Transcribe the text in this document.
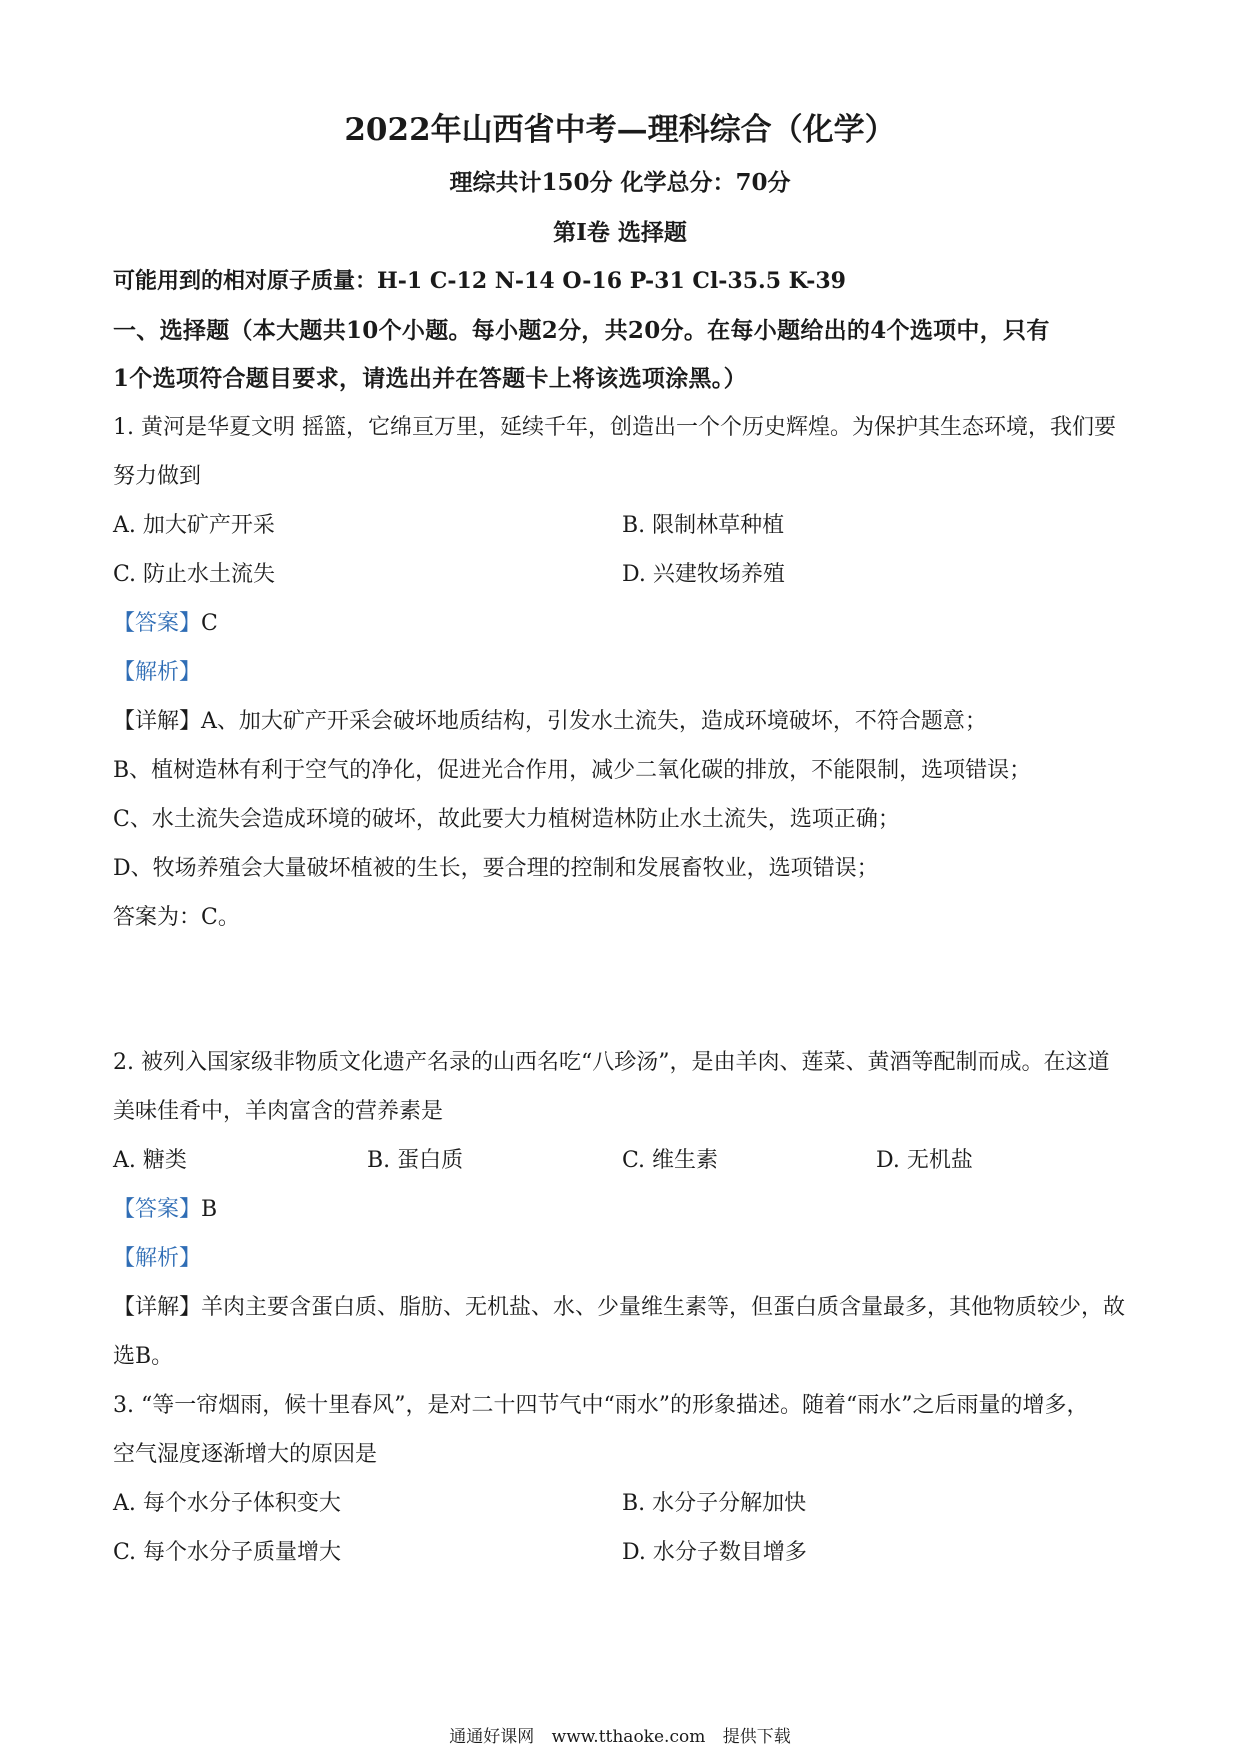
2022年山西省中考—理科综合（化学）
理综共计150分 化学总分：70分
第I卷 选择题
可能用到的相对原子质量：H-1 C-12 N-14 O-16 P-31 Cl-35.5 K-39
一、选择题（本大题共10个小题。每小题2分，共20分。在每小题给出的4个选项中，只有
1个选项符合题目要求，请选出并在答题卡上将该选项涂黑。）
1. 黄河是华夏文明 摇篮，它绵亘万里，延续千年，创造出一个个历史辉煌。为保护其生态环境，我们要
努力做到
A. 加大矿产开采	B. 限制林草种植
C. 防止水土流失	D. 兴建牧场养殖
【答案】C
【解析】
【详解】A、加大矿产开采会破坏地质结构，引发水土流失，造成环境破坏，不符合题意；
B、植树造林有利于空气的净化，促进光合作用，减少二氧化碳的排放，不能限制，选项错误；
C、水土流失会造成环境的破坏，故此要大力植树造林防止水土流失，选项正确；
D、牧场养殖会大量破坏植被的生长，要合理的控制和发展畜牧业，选项错误；
答案为：C。
2. 被列入国家级非物质文化遗产名录的山西名吃“八珍汤”，是由羊肉、莲菜、黄酒等配制而成。在这道
美味佳肴中，羊肉富含的营养素是
A. 糖类	B. 蛋白质	C. 维生素	D. 无机盐
【答案】B
【解析】
【详解】羊肉主要含蛋白质、脂肪、无机盐、水、少量维生素等，但蛋白质含量最多，其他物质较少，故
选B。
3. “等一帘烟雨，候十里春风”，是对二十四节气中“雨水”的形象描述。随着“雨水”之后雨量的增多，
空气湿度逐渐增大的原因是
A. 每个水分子体积变大	B. 水分子分解加快
C. 每个水分子质量增大	D. 水分子数目增多
通通好课网 www.tthaoke.com 提供下载
